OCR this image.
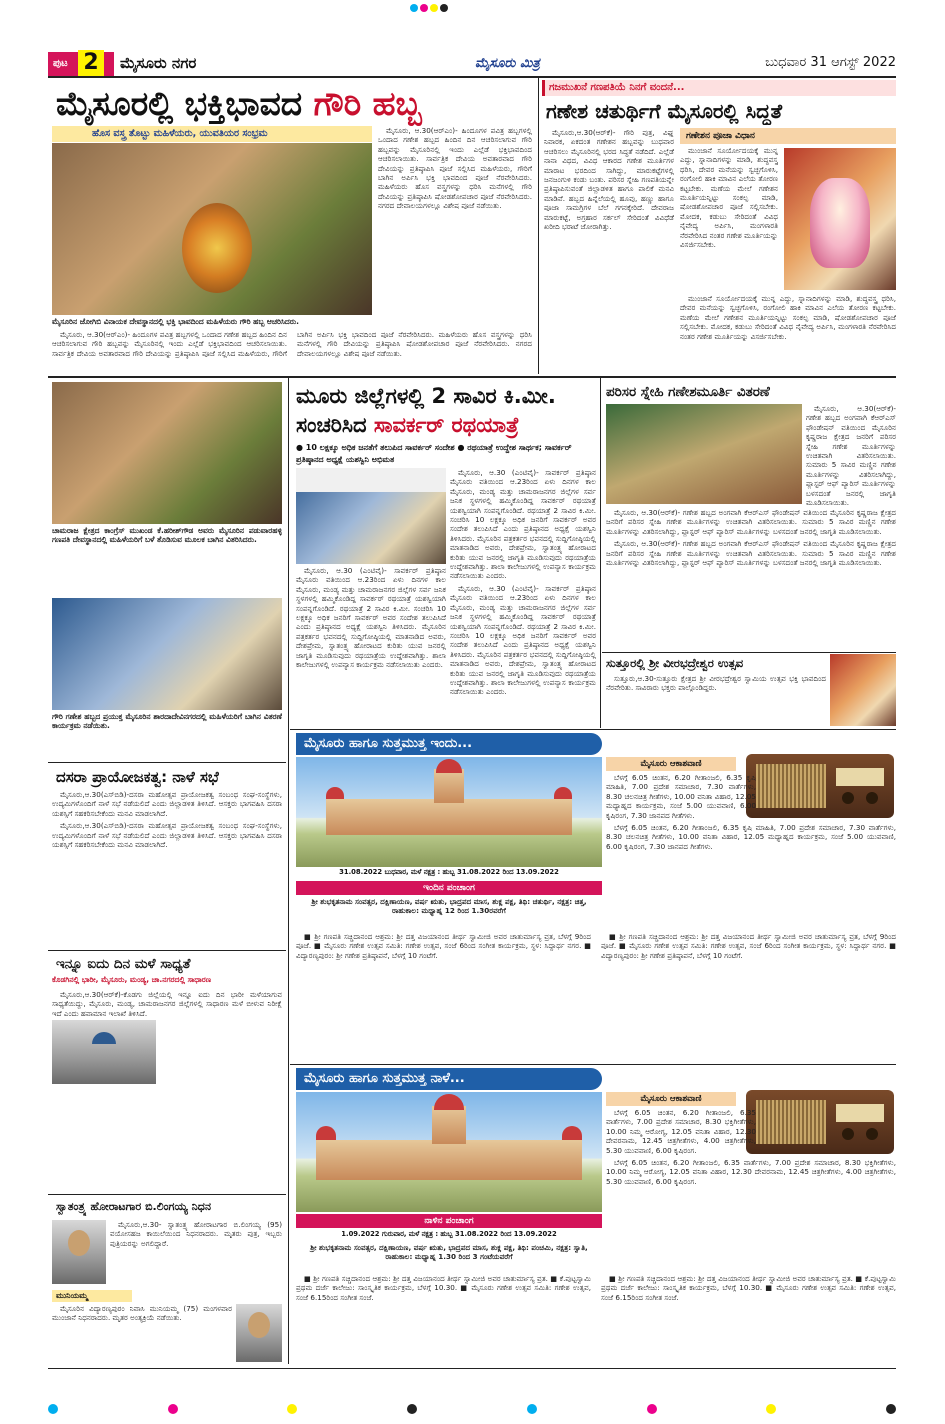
ಪುಟ 2	ಮೈಸೂರು ನಗರ	ಮೈಸೂರು ಮಿತ್ರ	ಬುಧವಾರ 31 ಆಗಸ್ಟ್ 2022
ಮೈಸೂರಲ್ಲಿ ಭಕ್ತಿಭಾವದ ಗೌರಿ ಹಬ್ಬ
ಹೊಸ ವಸ್ತ್ರ ತೊಟ್ಟು ಮಹಿಳೆಯರು, ಯುವತಿಯರ ಸಂಭ್ರಮ
ಮೈಸೂರಿನ ಜೋಗಿಬಿ ವಿನಾಯಕ ದೇವಸ್ಥಾನದಲ್ಲಿ ಭಕ್ತಿ ಭಾವದಿಂದ ಮಹಿಳೆಯರು ಗೌರಿ ಹಬ್ಬ ಆಚರಿಸಿದರು.

ಮೈಸೂರು, ಆ.30(ಆರ್‌ಎಂ)- ಹಿಂದೂಗಳ ಪವಿತ್ರ ಹಬ್ಬಗಳಲ್ಲಿ ಒಂದಾದ ಗಣೇಶ ಹಬ್ಬದ ಹಿಂದಿನ ದಿನ ಆಚರಿಸಲಾಗುವ ಗೌರಿ ಹಬ್ಬವನ್ನು ಮೈಸೂರಿನಲ್ಲಿ ಇಂದು ಎಲ್ಲೆಡೆ ಭಕ್ತಿಭಾವದಿಂದ ಆಚರಿಸಲಾಯಿತು. ಸಾರ್ವತ್ರಿಕ ದೇವಿಯ ಅವತಾರವಾದ ಗೌರಿ ದೇವಿಯನ್ನು ಪ್ರತಿಷ್ಠಾಪಿಸಿ ಪೂಜೆ ಸಲ್ಲಿಸಿದ ಮಹಿಳೆಯರು, ಗೌರಿಗೆ ಬಾಗಿನ ಅರ್ಪಿಸಿ ಭಕ್ತಿ ಭಾವದಿಂದ ಪೂಜೆ ನೆರವೇರಿಸಿದರು. ಮಹಿಳೆಯರು ಹೊಸ ವಸ್ತ್ರಗಳನ್ನು ಧರಿಸಿ ಮನೆಗಳಲ್ಲಿ ಗೌರಿ ದೇವಿಯನ್ನು ಪ್ರತಿಷ್ಠಾಪಿಸಿ ಷೋಡಶೋಪಚಾರ ಪೂಜೆ ನೆರವೇರಿಸಿದರು. ನಗರದ ದೇವಾಲಯಗಳಲ್ಲೂ ವಿಶೇಷ ಪೂಜೆ ನಡೆಯಿತು.

ಮೈಸೂರು, ಆ.30(ಆರ್‌ಎಂ)- ಹಿಂದೂಗಳ ಪವಿತ್ರ ಹಬ್ಬಗಳಲ್ಲಿ ಒಂದಾದ ಗಣೇಶ ಹಬ್ಬದ ಹಿಂದಿನ ದಿನ ಆಚರಿಸಲಾಗುವ ಗೌರಿ ಹಬ್ಬವನ್ನು ಮೈಸೂರಿನಲ್ಲಿ ಇಂದು ಎಲ್ಲೆಡೆ ಭಕ್ತಿಭಾವದಿಂದ ಆಚರಿಸಲಾಯಿತು. ಸಾರ್ವತ್ರಿಕ ದೇವಿಯ ಅವತಾರವಾದ ಗೌರಿ ದೇವಿಯನ್ನು ಪ್ರತಿಷ್ಠಾಪಿಸಿ ಪೂಜೆ ಸಲ್ಲಿಸಿದ ಮಹಿಳೆಯರು, ಗೌರಿಗೆ ಬಾಗಿನ ಅರ್ಪಿಸಿ ಭಕ್ತಿ ಭಾವದಿಂದ ಪೂಜೆ ನೆರವೇರಿಸಿದರು. ಮಹಿಳೆಯರು ಹೊಸ ವಸ್ತ್ರಗಳನ್ನು ಧರಿಸಿ ಮನೆಗಳಲ್ಲಿ ಗೌರಿ ದೇವಿಯನ್ನು ಪ್ರತಿಷ್ಠಾಪಿಸಿ ಷೋಡಶೋಪಚಾರ ಪೂಜೆ ನೆರವೇರಿಸಿದರು. ನಗರದ ದೇವಾಲಯಗಳಲ್ಲೂ ವಿಶೇಷ ಪೂಜೆ ನಡೆಯಿತು.

ಗಜಮುಖನೆ ಗಣಪತಿಯೆ ನಿನಗೆ ವಂದನೆ...
ಗಣೇಶ ಚತುರ್ಥಿಗೆ ಮೈಸೂರಲ್ಲಿ ಸಿದ್ಧತೆ

ಮೈಸೂರು,ಆ.30(ಆರ್‌ಕೆ)- ಗೌರಿ ಪುತ್ರ, ವಿಘ್ನ ನಿವಾರಕ, ಏಕದಂತ ಗಣೇಶನ ಹಬ್ಬವನ್ನು ಬುಧವಾರ ಆಚರಿಸಲು ಮೈಸೂರಿನಲ್ಲಿ ಭರದ ಸಿದ್ಧತೆ ನಡೆದಿದೆ. ಎಲ್ಲೆಡೆ ನಾನಾ ವಿಧದ, ವಿವಿಧ ಆಕಾರದ ಗಣೇಶ ಮೂರ್ತಿಗಳ ಮಾರಾಟ ಭರದಿಂದ ಸಾಗಿದ್ದು, ಮಾರುಕಟ್ಟೆಗಳಲ್ಲಿ ಜನಜಂಗುಳಿ ಕಂಡು ಬಂತು. ಪರಿಸರ ಸ್ನೇಹಿ ಗಣಪತಿಯನ್ನೇ ಪ್ರತಿಷ್ಠಾಪಿಸುವಂತೆ ಜಿಲ್ಲಾಡಳಿತ ಹಾಗೂ ಪಾಲಿಕೆ ಮನವಿ ಮಾಡಿವೆ. ಹಬ್ಬದ ಹಿನ್ನೆಲೆಯಲ್ಲಿ ಹೂವು, ಹಣ್ಣು ಹಾಗೂ ಪೂಜಾ ಸಾಮಗ್ರಿಗಳ ಬೆಲೆ ಗಗನಕ್ಕೇರಿದೆ. ದೇವರಾಜ ಮಾರುಕಟ್ಟೆ, ಅಗ್ರಹಾರ ಸರ್ಕಲ್ ಸೇರಿದಂತೆ ವಿವಿಧೆಡೆ ಖರೀದಿ ಭರಾಟೆ ಜೋರಾಗಿತ್ತು.

ಗಣೇಶನ ಪೂಜಾ ವಿಧಾನ

ಮುಂಜಾನೆ ಸೂರ್ಯೋದಯಕ್ಕೆ ಮುನ್ನ ಎದ್ದು, ಸ್ನಾನಾದಿಗಳನ್ನು ಮಾಡಿ, ಶುದ್ಧವಸ್ತ್ರ ಧರಿಸಿ, ದೇವರ ಮನೆಯನ್ನು ಸ್ವಚ್ಛಗೊಳಿಸಿ, ರಂಗೋಲಿ ಹಾಕಿ ಮಾವಿನ ಎಲೆಯ ತೋರಣ ಕಟ್ಟಬೇಕು. ಮಣೆಯ ಮೇಲೆ ಗಣೇಶನ ಮೂರ್ತಿಯನ್ನಿಟ್ಟು ಸಂಕಲ್ಪ ಮಾಡಿ, ಷೋಡಶೋಪಚಾರ ಪೂಜೆ ಸಲ್ಲಿಸಬೇಕು. ಮೋದಕ, ಕಡುಬು ಸೇರಿದಂತೆ ವಿವಿಧ ನೈವೇದ್ಯ ಅರ್ಪಿಸಿ, ಮಂಗಳಾರತಿ ನೆರವೇರಿಸಿದ ನಂತರ ಗಣೇಶ ಮೂರ್ತಿಯನ್ನು ವಿಸರ್ಜಿಸಬೇಕು.

ಮುಂಜಾನೆ ಸೂರ್ಯೋದಯಕ್ಕೆ ಮುನ್ನ ಎದ್ದು, ಸ್ನಾನಾದಿಗಳನ್ನು ಮಾಡಿ, ಶುದ್ಧವಸ್ತ್ರ ಧರಿಸಿ, ದೇವರ ಮನೆಯನ್ನು ಸ್ವಚ್ಛಗೊಳಿಸಿ, ರಂಗೋಲಿ ಹಾಕಿ ಮಾವಿನ ಎಲೆಯ ತೋರಣ ಕಟ್ಟಬೇಕು. ಮಣೆಯ ಮೇಲೆ ಗಣೇಶನ ಮೂರ್ತಿಯನ್ನಿಟ್ಟು ಸಂಕಲ್ಪ ಮಾಡಿ, ಷೋಡಶೋಪಚಾರ ಪೂಜೆ ಸಲ್ಲಿಸಬೇಕು. ಮೋದಕ, ಕಡುಬು ಸೇರಿದಂತೆ ವಿವಿಧ ನೈವೇದ್ಯ ಅರ್ಪಿಸಿ, ಮಂಗಳಾರತಿ ನೆರವೇರಿಸಿದ ನಂತರ ಗಣೇಶ ಮೂರ್ತಿಯನ್ನು ವಿಸರ್ಜಿಸಬೇಕು.

ಚಾಮರಾಜ ಕ್ಷೇತ್ರದ ಕಾಂಗ್ರೆಸ್ ಮುಖಂಡ ಕೆ.ಹರೀಶ್‌ಗೌಡ ಅವರು ಮೈಸೂರಿನ ಪಡುವಾರಹಳ್ಳಿ ಗಣಪತಿ ದೇವಸ್ಥಾನದಲ್ಲಿ ಮಹಿಳೆಯರಿಗೆ ಬಳೆ ತೊಡಿಸುವ ಮೂಲಕ ಬಾಗಿನ ವಿತರಿಸಿದರು.
ಗೌರಿ ಗಣೇಶ ಹಬ್ಬದ ಪ್ರಯುಕ್ತ ಮೈಸೂರಿನ ಶಾರದಾದೇವಿನಗರದಲ್ಲಿ ಮಹಿಳೆಯರಿಗೆ ಬಾಗಿನ ವಿತರಣೆ ಕಾರ್ಯಕ್ರಮ ನಡೆಯಿತು.
ದಸರಾ ಪ್ರಾಯೋಜಕತ್ವ: ನಾಳೆ ಸಭೆ

ಮೈಸೂರು,ಆ.30(ಎಸ್‌ಬಿಡಿ)-ದಸರಾ ಮಹೋತ್ಸವ ಪ್ರಾಯೋಜಕತ್ವ ಸಂಬಂಧ ಸಂಘ-ಸಂಸ್ಥೆಗಳು, ಉದ್ಯಮಿಗಳೊಂದಿಗೆ ನಾಳೆ ಸಭೆ ನಡೆಯಲಿದೆ ಎಂದು ಜಿಲ್ಲಾಡಳಿತ ತಿಳಿಸಿದೆ. ಆಸಕ್ತರು ಭಾಗವಹಿಸಿ ದಸರಾ ಯಶಸ್ಸಿಗೆ ಸಹಕರಿಸಬೇಕೆಂದು ಮನವಿ ಮಾಡಲಾಗಿದೆ.

ಮೈಸೂರು,ಆ.30(ಎಸ್‌ಬಿಡಿ)-ದಸರಾ ಮಹೋತ್ಸವ ಪ್ರಾಯೋಜಕತ್ವ ಸಂಬಂಧ ಸಂಘ-ಸಂಸ್ಥೆಗಳು, ಉದ್ಯಮಿಗಳೊಂದಿಗೆ ನಾಳೆ ಸಭೆ ನಡೆಯಲಿದೆ ಎಂದು ಜಿಲ್ಲಾಡಳಿತ ತಿಳಿಸಿದೆ. ಆಸಕ್ತರು ಭಾಗವಹಿಸಿ ದಸರಾ ಯಶಸ್ಸಿಗೆ ಸಹಕರಿಸಬೇಕೆಂದು ಮನವಿ ಮಾಡಲಾಗಿದೆ.

ಇನ್ನೂ ಐದು ದಿನ ಮಳೆ ಸಾಧ್ಯತೆ
ಕೊಡಗಿನಲ್ಲಿ ಭಾರೀ, ಮೈಸೂರು, ಮಂಡ್ಯ, ಚಾ.ನಗರದಲ್ಲಿ ಸಾಧಾರಣ

ಮೈಸೂರು,ಆ.30(ಆರ್‌ಕೆ)-ಕೊಡಗು ಜಿಲ್ಲೆಯಲ್ಲಿ ಇನ್ನೂ ಐದು ದಿನ ಭಾರೀ ಮಳೆಯಾಗುವ ಸಾಧ್ಯತೆಯಿದ್ದು, ಮೈಸೂರು, ಮಂಡ್ಯ, ಚಾಮರಾಜನಗರ ಜಿಲ್ಲೆಗಳಲ್ಲಿ ಸಾಧಾರಣ ಮಳೆ ಬೀಳುವ ನಿರೀಕ್ಷೆ ಇದೆ ಎಂದು ಹವಾಮಾನ ಇಲಾಖೆ ತಿಳಿಸಿದೆ.

ಸ್ವಾತಂತ್ರ್ಯ ಹೋರಾಟಗಾರ ಬಿ.ಲಿಂಗಯ್ಯ ನಿಧನ

ಮೈಸೂರು,ಆ.30- ಸ್ವಾತಂತ್ರ್ಯ ಹೋರಾಟಗಾರ ಬಿ.ಲಿಂಗಯ್ಯ (95) ವಯೋಸಹಜ ಕಾಯಿಲೆಯಿಂದ ನಿಧನರಾದರು. ಮೃತರು ಪುತ್ರ, ಇಬ್ಬರು ಪುತ್ರಿಯರನ್ನು ಅಗಲಿದ್ದಾರೆ.

ಮುನಿಯಮ್ಮ

ಮೈಸೂರಿನ ವಿದ್ಯಾರಣ್ಯಪುರಂ ನಿವಾಸಿ ಮುನಿಯಮ್ಮ (75) ಮಂಗಳವಾರ ಮುಂಜಾನೆ ನಿಧನರಾದರು. ಮೃತರ ಅಂತ್ಯಕ್ರಿಯೆ ನಡೆಯಿತು.

ಮೂರು ಜಿಲ್ಲೆಗಳಲ್ಲಿ 2 ಸಾವಿರ ಕಿ.ಮೀ.
ಸಂಚರಿಸಿದ ಸಾವರ್ಕರ್ ರಥಯಾತ್ರೆ
● 10 ಲಕ್ಷಕ್ಕೂ ಅಧಿಕ ಜನತೆಗೆ ತಲುಪಿದ ಸಾವರ್ಕರ್ ಸಂದೇಶ ● ರಥಯಾತ್ರೆ ಉದ್ದೇಶ ಸಾರ್ಥಕ; ಸಾವರ್ಕರ್ ಪ್ರತಿಷ್ಠಾನದ ಅಧ್ಯಕ್ಷೆ ಯಶಸ್ವಿನಿ ಅಭಿಮತ

ಮೈಸೂರು, ಆ.30 (ಎಂಟಿವೈ)- ಸಾವರ್ಕರ್ ಪ್ರತಿಷ್ಠಾನ ಮೈಸೂರು ವತಿಯಿಂದ ಆ.23ರಿಂದ ಏಳು ದಿನಗಳ ಕಾಲ ಮೈಸೂರು, ಮಂಡ್ಯ ಮತ್ತು ಚಾಮರಾಜನಗರ ಜಿಲ್ಲೆಗಳ ಸರ್ವ ಜನಿಕ ಸ್ಥಳಗಳಲ್ಲಿ ಹಮ್ಮಿಕೊಂಡಿದ್ದ ಸಾವರ್ಕರ್ ರಥಯಾತ್ರೆ ಯಶಸ್ವಿಯಾಗಿ ಸಂಪನ್ನಗೊಂಡಿದೆ. ರಥಯಾತ್ರೆ 2 ಸಾವಿರ ಕಿ.ಮೀ. ಸಂಚರಿಸಿ 10 ಲಕ್ಷಕ್ಕೂ ಅಧಿಕ ಜನರಿಗೆ ಸಾವರ್ಕರ್ ಅವರ ಸಂದೇಶ ತಲುಪಿಸಿದೆ ಎಂದು ಪ್ರತಿಷ್ಠಾನದ ಅಧ್ಯಕ್ಷೆ ಯಶಸ್ವಿನಿ ತಿಳಿಸಿದರು. ಮೈಸೂರಿನ ಪತ್ರಕರ್ತರ ಭವನದಲ್ಲಿ ಸುದ್ದಿಗೋಷ್ಠಿಯಲ್ಲಿ ಮಾತನಾಡಿದ ಅವರು, ದೇಶಪ್ರೇಮ, ಸ್ವಾತಂತ್ರ್ಯ ಹೋರಾಟದ ಕುರಿತು ಯುವ ಜನರಲ್ಲಿ ಜಾಗೃತಿ ಮೂಡಿಸುವುದು ರಥಯಾತ್ರೆಯ ಉದ್ದೇಶವಾಗಿತ್ತು. ಶಾಲಾ ಕಾಲೇಜುಗಳಲ್ಲಿ ಉಪನ್ಯಾಸ ಕಾರ್ಯಕ್ರಮ ನಡೆಸಲಾಯಿತು ಎಂದರು.

ಮೈಸೂರು, ಆ.30 (ಎಂಟಿವೈ)- ಸಾವರ್ಕರ್ ಪ್ರತಿಷ್ಠಾನ ಮೈಸೂರು ವತಿಯಿಂದ ಆ.23ರಿಂದ ಏಳು ದಿನಗಳ ಕಾಲ ಮೈಸೂರು, ಮಂಡ್ಯ ಮತ್ತು ಚಾಮರಾಜನಗರ ಜಿಲ್ಲೆಗಳ ಸರ್ವ ಜನಿಕ ಸ್ಥಳಗಳಲ್ಲಿ ಹಮ್ಮಿಕೊಂಡಿದ್ದ ಸಾವರ್ಕರ್ ರಥಯಾತ್ರೆ ಯಶಸ್ವಿಯಾಗಿ ಸಂಪನ್ನಗೊಂಡಿದೆ. ರಥಯಾತ್ರೆ 2 ಸಾವಿರ ಕಿ.ಮೀ. ಸಂಚರಿಸಿ 10 ಲಕ್ಷಕ್ಕೂ ಅಧಿಕ ಜನರಿಗೆ ಸಾವರ್ಕರ್ ಅವರ ಸಂದೇಶ ತಲುಪಿಸಿದೆ ಎಂದು ಪ್ರತಿಷ್ಠಾನದ ಅಧ್ಯಕ್ಷೆ ಯಶಸ್ವಿನಿ ತಿಳಿಸಿದರು. ಮೈಸೂರಿನ ಪತ್ರಕರ್ತರ ಭವನದಲ್ಲಿ ಸುದ್ದಿಗೋಷ್ಠಿಯಲ್ಲಿ ಮಾತನಾಡಿದ ಅವರು, ದೇಶಪ್ರೇಮ, ಸ್ವಾತಂತ್ರ್ಯ ಹೋರಾಟದ ಕುರಿತು ಯುವ ಜನರಲ್ಲಿ ಜಾಗೃತಿ ಮೂಡಿಸುವುದು ರಥಯಾತ್ರೆಯ ಉದ್ದೇಶವಾಗಿತ್ತು. ಶಾಲಾ ಕಾಲೇಜುಗಳಲ್ಲಿ ಉಪನ್ಯಾಸ ಕಾರ್ಯಕ್ರಮ ನಡೆಸಲಾಯಿತು ಎಂದರು.

ಮೈಸೂರು, ಆ.30 (ಎಂಟಿವೈ)- ಸಾವರ್ಕರ್ ಪ್ರತಿಷ್ಠಾನ ಮೈಸೂರು ವತಿಯಿಂದ ಆ.23ರಿಂದ ಏಳು ದಿನಗಳ ಕಾಲ ಮೈಸೂರು, ಮಂಡ್ಯ ಮತ್ತು ಚಾಮರಾಜನಗರ ಜಿಲ್ಲೆಗಳ ಸರ್ವ ಜನಿಕ ಸ್ಥಳಗಳಲ್ಲಿ ಹಮ್ಮಿಕೊಂಡಿದ್ದ ಸಾವರ್ಕರ್ ರಥಯಾತ್ರೆ ಯಶಸ್ವಿಯಾಗಿ ಸಂಪನ್ನಗೊಂಡಿದೆ. ರಥಯಾತ್ರೆ 2 ಸಾವಿರ ಕಿ.ಮೀ. ಸಂಚರಿಸಿ 10 ಲಕ್ಷಕ್ಕೂ ಅಧಿಕ ಜನರಿಗೆ ಸಾವರ್ಕರ್ ಅವರ ಸಂದೇಶ ತಲುಪಿಸಿದೆ ಎಂದು ಪ್ರತಿಷ್ಠಾನದ ಅಧ್ಯಕ್ಷೆ ಯಶಸ್ವಿನಿ ತಿಳಿಸಿದರು. ಮೈಸೂರಿನ ಪತ್ರಕರ್ತರ ಭವನದಲ್ಲಿ ಸುದ್ದಿಗೋಷ್ಠಿಯಲ್ಲಿ ಮಾತನಾಡಿದ ಅವರು, ದೇಶಪ್ರೇಮ, ಸ್ವಾತಂತ್ರ್ಯ ಹೋರಾಟದ ಕುರಿತು ಯುವ ಜನರಲ್ಲಿ ಜಾಗೃತಿ ಮೂಡಿಸುವುದು ರಥಯಾತ್ರೆಯ ಉದ್ದೇಶವಾಗಿತ್ತು. ಶಾಲಾ ಕಾಲೇಜುಗಳಲ್ಲಿ ಉಪನ್ಯಾಸ ಕಾರ್ಯಕ್ರಮ ನಡೆಸಲಾಯಿತು ಎಂದರು.

ಪರಿಸರ ಸ್ನೇಹಿ ಗಣೇಶಮೂರ್ತಿ ವಿತರಣೆ

ಮೈಸೂರು, ಆ.30(ಆರ್‌ಕೆ)- ಗಣೇಶ ಹಬ್ಬದ ಅಂಗವಾಗಿ ಕೆಆರ್‌ಎಸ್ ಫೌಂಡೇಷನ್ ವತಿಯಿಂದ ಮೈಸೂರಿನ ಕೃಷ್ಣರಾಜ ಕ್ಷೇತ್ರದ ಜನರಿಗೆ ಪರಿಸರ ಸ್ನೇಹಿ ಗಣೇಶ ಮೂರ್ತಿಗಳನ್ನು ಉಚಿತವಾಗಿ ವಿತರಿಸಲಾಯಿತು. ಸುಮಾರು 5 ಸಾವಿರ ಮಣ್ಣಿನ ಗಣೇಶ ಮೂರ್ತಿಗಳನ್ನು ವಿತರಿಸಲಾಗಿದ್ದು, ಪ್ಲಾಸ್ಟರ್ ಆಫ್ ಪ್ಯಾರಿಸ್ ಮೂರ್ತಿಗಳನ್ನು ಬಳಸದಂತೆ ಜನರಲ್ಲಿ ಜಾಗೃತಿ ಮೂಡಿಸಲಾಯಿತು.

ಮೈಸೂರು, ಆ.30(ಆರ್‌ಕೆ)- ಗಣೇಶ ಹಬ್ಬದ ಅಂಗವಾಗಿ ಕೆಆರ್‌ಎಸ್ ಫೌಂಡೇಷನ್ ವತಿಯಿಂದ ಮೈಸೂರಿನ ಕೃಷ್ಣರಾಜ ಕ್ಷೇತ್ರದ ಜನರಿಗೆ ಪರಿಸರ ಸ್ನೇಹಿ ಗಣೇಶ ಮೂರ್ತಿಗಳನ್ನು ಉಚಿತವಾಗಿ ವಿತರಿಸಲಾಯಿತು. ಸುಮಾರು 5 ಸಾವಿರ ಮಣ್ಣಿನ ಗಣೇಶ ಮೂರ್ತಿಗಳನ್ನು ವಿತರಿಸಲಾಗಿದ್ದು, ಪ್ಲಾಸ್ಟರ್ ಆಫ್ ಪ್ಯಾರಿಸ್ ಮೂರ್ತಿಗಳನ್ನು ಬಳಸದಂತೆ ಜನರಲ್ಲಿ ಜಾಗೃತಿ ಮೂಡಿಸಲಾಯಿತು.

ಮೈಸೂರು, ಆ.30(ಆರ್‌ಕೆ)- ಗಣೇಶ ಹಬ್ಬದ ಅಂಗವಾಗಿ ಕೆಆರ್‌ಎಸ್ ಫೌಂಡೇಷನ್ ವತಿಯಿಂದ ಮೈಸೂರಿನ ಕೃಷ್ಣರಾಜ ಕ್ಷೇತ್ರದ ಜನರಿಗೆ ಪರಿಸರ ಸ್ನೇಹಿ ಗಣೇಶ ಮೂರ್ತಿಗಳನ್ನು ಉಚಿತವಾಗಿ ವಿತರಿಸಲಾಯಿತು. ಸುಮಾರು 5 ಸಾವಿರ ಮಣ್ಣಿನ ಗಣೇಶ ಮೂರ್ತಿಗಳನ್ನು ವಿತರಿಸಲಾಗಿದ್ದು, ಪ್ಲಾಸ್ಟರ್ ಆಫ್ ಪ್ಯಾರಿಸ್ ಮೂರ್ತಿಗಳನ್ನು ಬಳಸದಂತೆ ಜನರಲ್ಲಿ ಜಾಗೃತಿ ಮೂಡಿಸಲಾಯಿತು.

ಸುತ್ತೂರಲ್ಲಿ ಶ್ರೀ ವೀರಭದ್ರೇಶ್ವರ ಉತ್ಸವ

ಸುತ್ತೂರು,ಆ.30-ಸುತ್ತೂರು ಕ್ಷೇತ್ರದ ಶ್ರೀ ವೀರಭದ್ರೇಶ್ವರ ಸ್ವಾಮಿಯ ಉತ್ಸವ ಭಕ್ತಿ ಭಾವದಿಂದ ನೆರವೇರಿತು. ಸಾವಿರಾರು ಭಕ್ತರು ಪಾಲ್ಗೊಂಡಿದ್ದರು.

ಮೈಸೂರು ಹಾಗೂ ಸುತ್ತಮುತ್ತ ಇಂದು...
31.08.2022 ಬುಧವಾರ, ಮಳೆ ನಕ್ಷತ್ರ : ಹುಬ್ಬ 31.08.2022 ರಿಂದ 13.09.2022
ಇಂದಿನ ಪಂಚಾಂಗ
ಶ್ರೀ ಶುಭಕೃತನಾಮ ಸಂವತ್ಸರ, ದಕ್ಷಿಣಾಯಣ, ವರ್ಷ ಋತು, ಭಾದ್ರಪದ ಮಾಸ, ಶುಕ್ಲ ಪಕ್ಷ, ತಿಥಿ: ಚತುರ್ಥಿ, ನಕ್ಷತ್ರ: ಚಿತ್ತ, ರಾಹುಕಾಲ: ಮಧ್ಯಾಹ್ನ 12 ರಿಂದ 1.30ರವರೆಗೆ
ಮೈಸೂರು ಆಕಾಶವಾಣಿ

ಬೆಳಗ್ಗೆ 6.05 ಚಿಂತನ, 6.20 ಗೀತಾಂಜಲಿ, 6.35 ಕೃಷಿ ಮಾಹಿತಿ, 7.00 ಪ್ರದೇಶ ಸಮಾಚಾರ, 7.30 ವಾರ್ತೆಗಳು, 8.30 ಚಲನಚಿತ್ರ ಗೀತೆಗಳು, 10.00 ವನಿತಾ ವಿಹಾರ, 12.05 ಮಧ್ಯಾಹ್ನದ ಕಾರ್ಯಕ್ರಮ, ಸಂಜೆ 5.00 ಯುವವಾಣಿ, 6.00 ಕೃಷಿರಂಗ, 7.30 ಜಾನಪದ ಗೀತೆಗಳು.

ಬೆಳಗ್ಗೆ 6.05 ಚಿಂತನ, 6.20 ಗೀತಾಂಜಲಿ, 6.35 ಕೃಷಿ ಮಾಹಿತಿ, 7.00 ಪ್ರದೇಶ ಸಮಾಚಾರ, 7.30 ವಾರ್ತೆಗಳು, 8.30 ಚಲನಚಿತ್ರ ಗೀತೆಗಳು, 10.00 ವನಿತಾ ವಿಹಾರ, 12.05 ಮಧ್ಯಾಹ್ನದ ಕಾರ್ಯಕ್ರಮ, ಸಂಜೆ 5.00 ಯುವವಾಣಿ, 6.00 ಕೃಷಿರಂಗ, 7.30 ಜಾನಪದ ಗೀತೆಗಳು.

■ ಶ್ರೀ ಗಣಪತಿ ಸಚ್ಚಿದಾನಂದ ಆಶ್ರಮ: ಶ್ರೀ ದತ್ತ ವಿಜಯಾನಂದ ತೀರ್ಥ ಸ್ವಾಮೀಜಿ ಅವರ ಚಾತುರ್ಮಾಸ್ಯ ವ್ರತ, ಬೆಳಗ್ಗೆ 9ರಿಂದ ಪೂಜೆ. ■ ಮೈಸೂರು ಗಣೇಶ ಉತ್ಸವ ಸಮಿತಿ: ಗಣೇಶ ಉತ್ಸವ, ಸಂಜೆ 6ರಿಂದ ಸಂಗೀತ ಕಾರ್ಯಕ್ರಮ, ಸ್ಥಳ: ಸಿದ್ದಾರ್ಥ ನಗರ. ■ ವಿದ್ಯಾರಣ್ಯಪುರಂ: ಶ್ರೀ ಗಣೇಶ ಪ್ರತಿಷ್ಠಾಪನೆ, ಬೆಳಗ್ಗೆ 10 ಗಂಟೆಗೆ.

■ ಶ್ರೀ ಗಣಪತಿ ಸಚ್ಚಿದಾನಂದ ಆಶ್ರಮ: ಶ್ರೀ ದತ್ತ ವಿಜಯಾನಂದ ತೀರ್ಥ ಸ್ವಾಮೀಜಿ ಅವರ ಚಾತುರ್ಮಾಸ್ಯ ವ್ರತ, ಬೆಳಗ್ಗೆ 9ರಿಂದ ಪೂಜೆ. ■ ಮೈಸೂರು ಗಣೇಶ ಉತ್ಸವ ಸಮಿತಿ: ಗಣೇಶ ಉತ್ಸವ, ಸಂಜೆ 6ರಿಂದ ಸಂಗೀತ ಕಾರ್ಯಕ್ರಮ, ಸ್ಥಳ: ಸಿದ್ದಾರ್ಥ ನಗರ. ■ ವಿದ್ಯಾರಣ್ಯಪುರಂ: ಶ್ರೀ ಗಣೇಶ ಪ್ರತಿಷ್ಠಾಪನೆ, ಬೆಳಗ್ಗೆ 10 ಗಂಟೆಗೆ.

ಮೈಸೂರು ಹಾಗೂ ಸುತ್ತಮುತ್ತ ನಾಳೆ...
ನಾಳಿನ ಪಂಚಾಂಗ
1.09.2022 ಗುರುವಾರ, ಮಳೆ ನಕ್ಷತ್ರ : ಹುಬ್ಬ 31.08.2022 ರಿಂದ 13.09.2022
ಶ್ರೀ ಶುಭಕೃತನಾಮ ಸಂವತ್ಸರ, ದಕ್ಷಿಣಾಯಣ, ವರ್ಷ ಋತು, ಭಾದ್ರಪದ ಮಾಸ, ಶುಕ್ಲ ಪಕ್ಷ, ತಿಥಿ: ಪಂಚಮಿ, ನಕ್ಷತ್ರ: ಸ್ವಾತಿ, ರಾಹುಕಾಲ: ಮಧ್ಯಾಹ್ನ 1.30 ರಿಂದ 3 ಗಂಟೆಯವರೆಗೆ
ಮೈಸೂರು ಆಕಾಶವಾಣಿ

ಬೆಳಗ್ಗೆ 6.05 ಚಿಂತನ, 6.20 ಗೀತಾಂಜಲಿ, 6.35 ವಾರ್ತೆಗಳು, 7.00 ಪ್ರದೇಶ ಸಮಾಚಾರ, 8.30 ಭಕ್ತಿಗೀತೆಗಳು, 10.00 ನಿಮ್ಮ ಆರೋಗ್ಯ, 12.05 ವನಿತಾ ವಿಹಾರ, 12.30 ದೇವರನಾಮ, 12.45 ಚಿತ್ರಗೀತೆಗಳು, 4.00 ಚಿತ್ರಗೀತೆಗಳು, 5.30 ಯುವವಾಣಿ, 6.00 ಕೃಷಿರಂಗ.

ಬೆಳಗ್ಗೆ 6.05 ಚಿಂತನ, 6.20 ಗೀತಾಂಜಲಿ, 6.35 ವಾರ್ತೆಗಳು, 7.00 ಪ್ರದೇಶ ಸಮಾಚಾರ, 8.30 ಭಕ್ತಿಗೀತೆಗಳು, 10.00 ನಿಮ್ಮ ಆರೋಗ್ಯ, 12.05 ವನಿತಾ ವಿಹಾರ, 12.30 ದೇವರನಾಮ, 12.45 ಚಿತ್ರಗೀತೆಗಳು, 4.00 ಚಿತ್ರಗೀತೆಗಳು, 5.30 ಯುವವಾಣಿ, 6.00 ಕೃಷಿರಂಗ.

■ ಶ್ರೀ ಗಣಪತಿ ಸಚ್ಚಿದಾನಂದ ಆಶ್ರಮ: ಶ್ರೀ ದತ್ತ ವಿಜಯಾನಂದ ತೀರ್ಥ ಸ್ವಾಮೀಜಿ ಅವರ ಚಾತುರ್ಮಾಸ್ಯ ವ್ರತ. ■ ಕೆ.ಪುಟ್ಟಸ್ವಾಮಿ ಪ್ರಥಮ ದರ್ಜೆ ಕಾಲೇಜು: ಸಾಂಸ್ಕೃತಿಕ ಕಾರ್ಯಕ್ರಮ, ಬೆಳಗ್ಗೆ 10.30. ■ ಮೈಸೂರು ಗಣೇಶ ಉತ್ಸವ ಸಮಿತಿ: ಗಣೇಶ ಉತ್ಸವ, ಸಂಜೆ 6.15ರಿಂದ ಸಂಗೀತ ಸಂಜೆ.

■ ಶ್ರೀ ಗಣಪತಿ ಸಚ್ಚಿದಾನಂದ ಆಶ್ರಮ: ಶ್ರೀ ದತ್ತ ವಿಜಯಾನಂದ ತೀರ್ಥ ಸ್ವಾಮೀಜಿ ಅವರ ಚಾತುರ್ಮಾಸ್ಯ ವ್ರತ. ■ ಕೆ.ಪುಟ್ಟಸ್ವಾಮಿ ಪ್ರಥಮ ದರ್ಜೆ ಕಾಲೇಜು: ಸಾಂಸ್ಕೃತಿಕ ಕಾರ್ಯಕ್ರಮ, ಬೆಳಗ್ಗೆ 10.30. ■ ಮೈಸೂರು ಗಣೇಶ ಉತ್ಸವ ಸಮಿತಿ: ಗಣೇಶ ಉತ್ಸವ, ಸಂಜೆ 6.15ರಿಂದ ಸಂಗೀತ ಸಂಜೆ.
